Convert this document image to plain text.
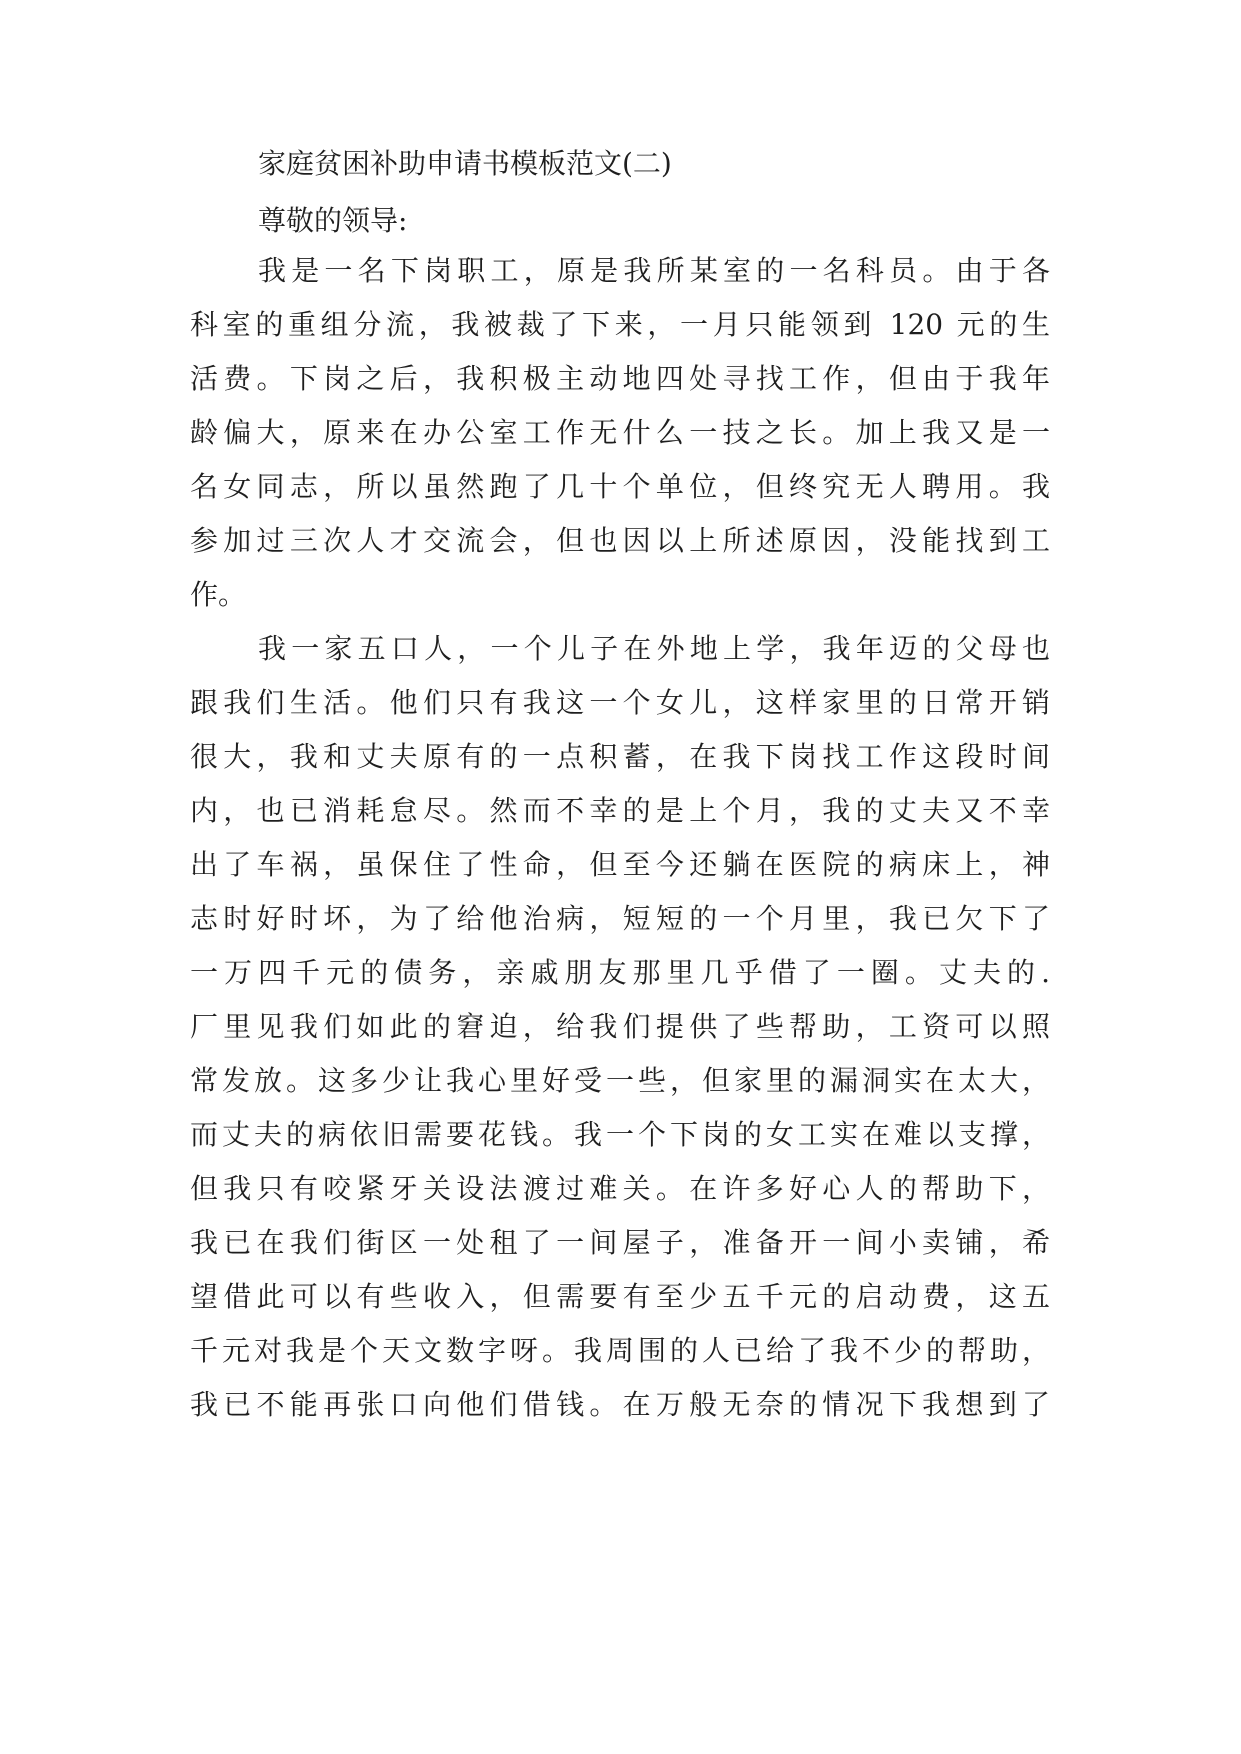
家庭贫困补助申请书模板范文(二)
尊敬的领导:
我是一名下岗职工，原是我所某室的一名科员。由于各
科室的重组分流，我被裁了下来，一月只能领到 120 元的生
活费。下岗之后，我积极主动地四处寻找工作，但由于我年
龄偏大，原来在办公室工作无什么一技之长。加上我又是一
名女同志，所以虽然跑了几十个单位，但终究无人聘用。我
参加过三次人才交流会，但也因以上所述原因，没能找到工
作。
我一家五口人，一个儿子在外地上学，我年迈的父母也
跟我们生活。他们只有我这一个女儿，这样家里的日常开销
很大，我和丈夫原有的一点积蓄，在我下岗找工作这段时间
内，也已消耗怠尽。然而不幸的是上个月，我的丈夫又不幸
出了车祸，虽保住了性命，但至今还躺在医院的病床上，神
志时好时坏，为了给他治病，短短的一个月里，我已欠下了
一万四千元的债务，亲戚朋友那里几乎借了一圈。丈夫的.
厂里见我们如此的窘迫，给我们提供了些帮助，工资可以照
常发放。这多少让我心里好受一些，但家里的漏洞实在太大，
而丈夫的病依旧需要花钱。我一个下岗的女工实在难以支撑，
但我只有咬紧牙关设法渡过难关。在许多好心人的帮助下，
我已在我们街区一处租了一间屋子，准备开一间小卖铺，希
望借此可以有些收入，但需要有至少五千元的启动费，这五
千元对我是个天文数字呀。我周围的人已给了我不少的帮助，
我已不能再张口向他们借钱。在万般无奈的情况下我想到了
